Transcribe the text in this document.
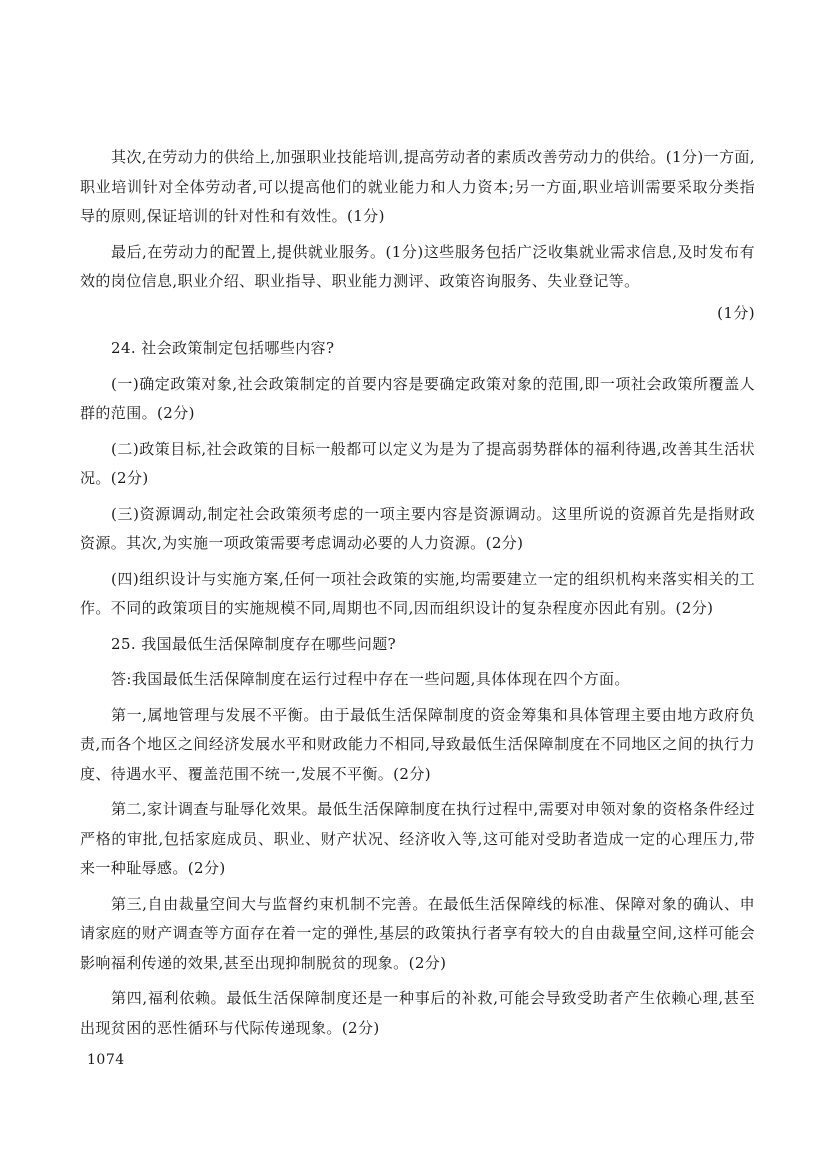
其次,在劳动力的供给上,加强职业技能培训,提高劳动者的素质改善劳动力的供给。(1分)一方面,职业培训针对全体劳动者,可以提高他们的就业能力和人力资本;另一方面,职业培训需要采取分类指导的原则,保证培训的针对性和有效性。(1分)

最后,在劳动力的配置上,提供就业服务。(1分)这些服务包括广泛收集就业需求信息,及时发布有效的岗位信息,职业介绍、职业指导、职业能力测评、政策咨询服务、失业登记等。

(1分)

24. 社会政策制定包括哪些内容?

(一)确定政策对象,社会政策制定的首要内容是要确定政策对象的范围,即一项社会政策所覆盖人群的范围。(2分)

(二)政策目标,社会政策的目标一般都可以定义为是为了提高弱势群体的福利待遇,改善其生活状况。(2分)

(三)资源调动,制定社会政策须考虑的一项主要内容是资源调动。这里所说的资源首先是指财政资源。其次,为实施一项政策需要考虑调动必要的人力资源。(2分)

(四)组织设计与实施方案,任何一项社会政策的实施,均需要建立一定的组织机构来落实相关的工作。不同的政策项目的实施规模不同,周期也不同,因而组织设计的复杂程度亦因此有别。(2分)

25. 我国最低生活保障制度存在哪些问题?

答:我国最低生活保障制度在运行过程中存在一些问题,具体体现在四个方面。

第一,属地管理与发展不平衡。由于最低生活保障制度的资金筹集和具体管理主要由地方政府负责,而各个地区之间经济发展水平和财政能力不相同,导致最低生活保障制度在不同地区之间的执行力度、待遇水平、覆盖范围不统一,发展不平衡。(2分)

第二,家计调查与耻辱化效果。最低生活保障制度在执行过程中,需要对申领对象的资格条件经过严格的审批,包括家庭成员、职业、财产状况、经济收入等,这可能对受助者造成一定的心理压力,带来一种耻辱感。(2分)

第三,自由裁量空间大与监督约束机制不完善。在最低生活保障线的标准、保障对象的确认、申请家庭的财产调查等方面存在着一定的弹性,基层的政策执行者享有较大的自由裁量空间,这样可能会影响福利传递的效果,甚至出现抑制脱贫的现象。(2分)

第四,福利依赖。最低生活保障制度还是一种事后的补救,可能会导致受助者产生依赖心理,甚至出现贫困的恶性循环与代际传递现象。(2分)

1074
